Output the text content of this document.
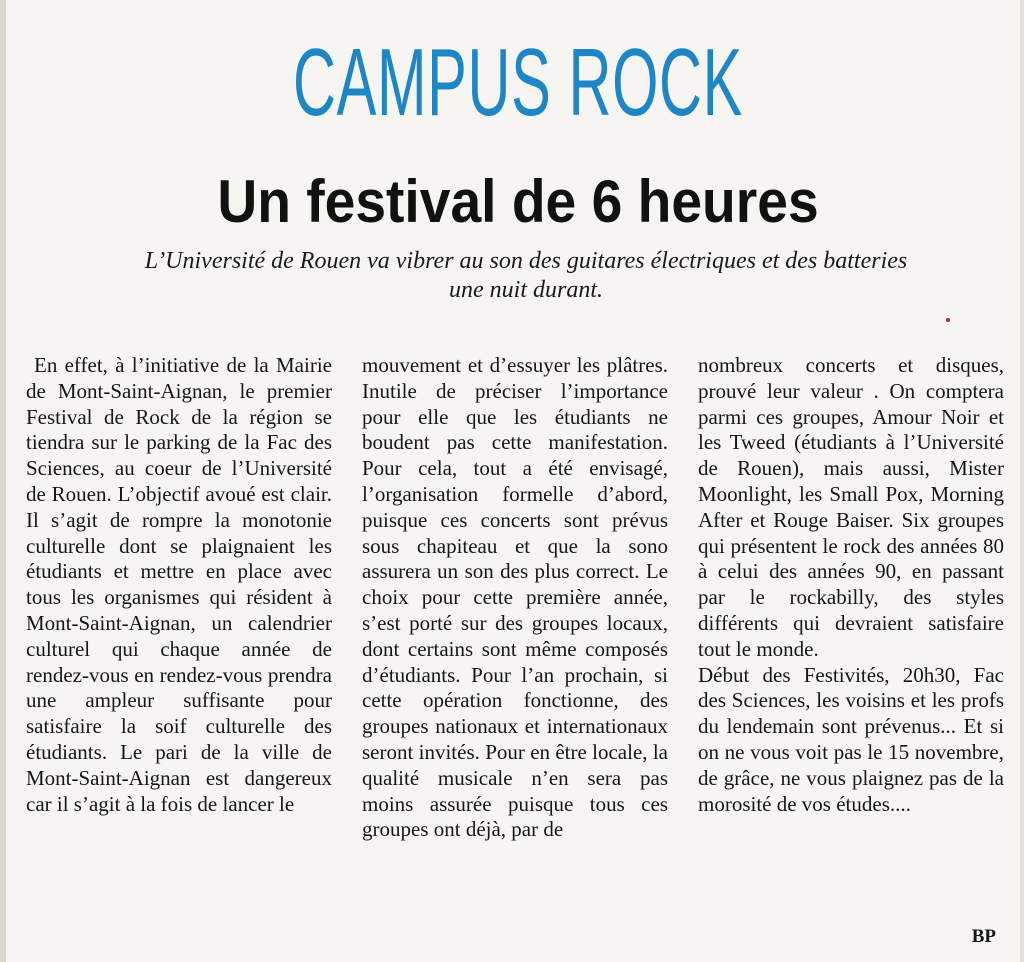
CAMPUS ROCK
Un festival de 6 heures
L’Université de Rouen va vibrer au son des guitares électriques et des batteries une nuit durant.

En effet, à l’initiative de la Mairie de Mont-Saint-Aignan, le premier Festival de Rock de la région se tiendra sur le parking de la Fac des Sciences, au coeur de l’Université de Rouen. L’objectif avoué est clair. Il s’agit de rompre la monotonie culturelle dont se plaignaient les étudiants et mettre en place avec tous les organismes qui résident à Mont-Saint-Aignan, un calendrier culturel qui chaque année de rendez-vous en rendez-vous prendra une ampleur suffisante pour satisfaire la soif culturelle des étudiants. Le pari de la ville de Mont-Saint-Aignan est dangereux car il s’agit à la fois de lancer le

mouvement et d’essuyer les plâtres. Inutile de préciser l’importance pour elle que les étudiants ne boudent pas cette manifestation. Pour cela, tout a été envisagé, l’organisation formelle d’abord, puisque ces concerts sont prévus sous chapiteau et que la sono assurera un son des plus correct. Le choix pour cette première année, s’est porté sur des groupes locaux, dont certains sont même composés d’étudiants. Pour l’an prochain, si cette opération fonctionne, des groupes nationaux et internationaux seront invités. Pour en être locale, la qualité musicale n’en sera pas moins assurée puisque tous ces groupes ont déjà, par de

nombreux concerts et disques, prouvé leur valeur . On comptera parmi ces groupes, Amour Noir et les Tweed (étudiants à l’Université de Rouen), mais aussi, Mister Moonlight, les Small Pox, Morning After et Rouge Baiser. Six groupes qui présentent le rock des années 80 à celui des années 90, en passant par le rockabilly, des styles différents qui devraient satisfaire tout le monde.

Début des Festivités, 20h30, Fac des Sciences, les voisins et les profs du lendemain sont prévenus... Et si on ne vous voit pas le 15 novembre, de grâce, ne vous plaignez pas de la morosité de vos études....

BP
